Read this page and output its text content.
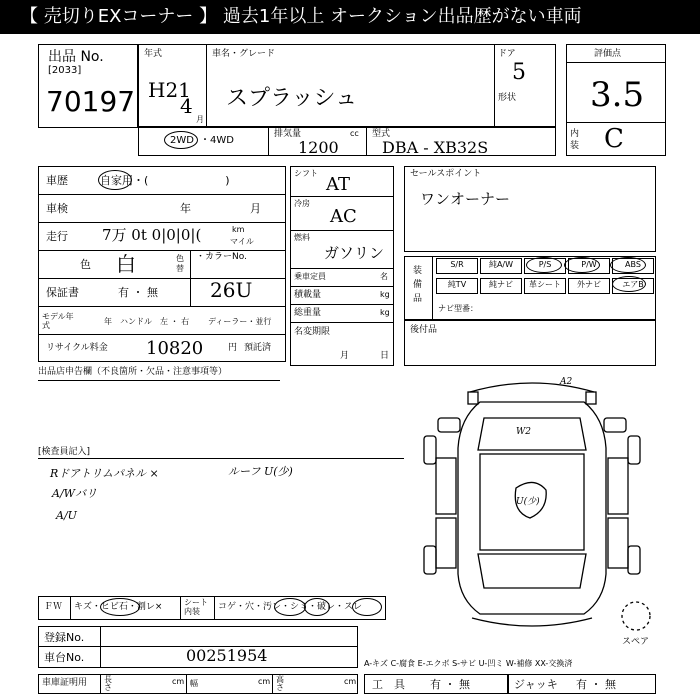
【 売切りEXコーナー 】 過去1年以上 オークション出品歴がない車両
出品 No.
[2033]
70197
年式
H21
4
月
車名・グレード
スプラッシュ
ドア
5
形状
評価点
3.5
内装 C
2WD ・4WD
排気量	cc
1200
型式
DBA - XB32S
車歴	自家用・(　　　　　　　)
車検	年	月
走行 7万 0t 0|0|0|(	km
マイル
色 白	色替
・カラーNo.
26U
保証書	有 ・ 無
モデル年式	年 ハンドル 左 ・ 右 ディーラー・並行
リサイクル料金 10820	円 預託済
シフト
AT
冷房
AC
燃料
ガソリン
乗車定員	名
積載量	kg
総重量	kg
名変期限
月	日
セールスポイント
ワンオーナー
装備品
S/R	純A/W	P/S	P/W	ABS
純TV	純ナビ	革シート	外ナビ	エアB
ナビ型番：
後付品
出品店申告欄（不良箇所・欠品・注意事項等）
[検査員記入]
Rドアトリムパネル ×
A/Wバリ
A/U
ルーフ U(少)
A2
W2
U(少)
スペア
ＦＷ キズ・ヒビ石・割レ×	シート内装	コゲ・穴・汚レ・シミ・破レ・スレ
登録No.
車台No.	00251954	A-キズ C-腐食 E-エクボ S-サビ U-凹ミ W-補修 XX-交換済
車庫証明用 長さ
cm 幅	cm 高さ
cm 工　具 有 ・ 無	ジャッキ 有 ・ 無
